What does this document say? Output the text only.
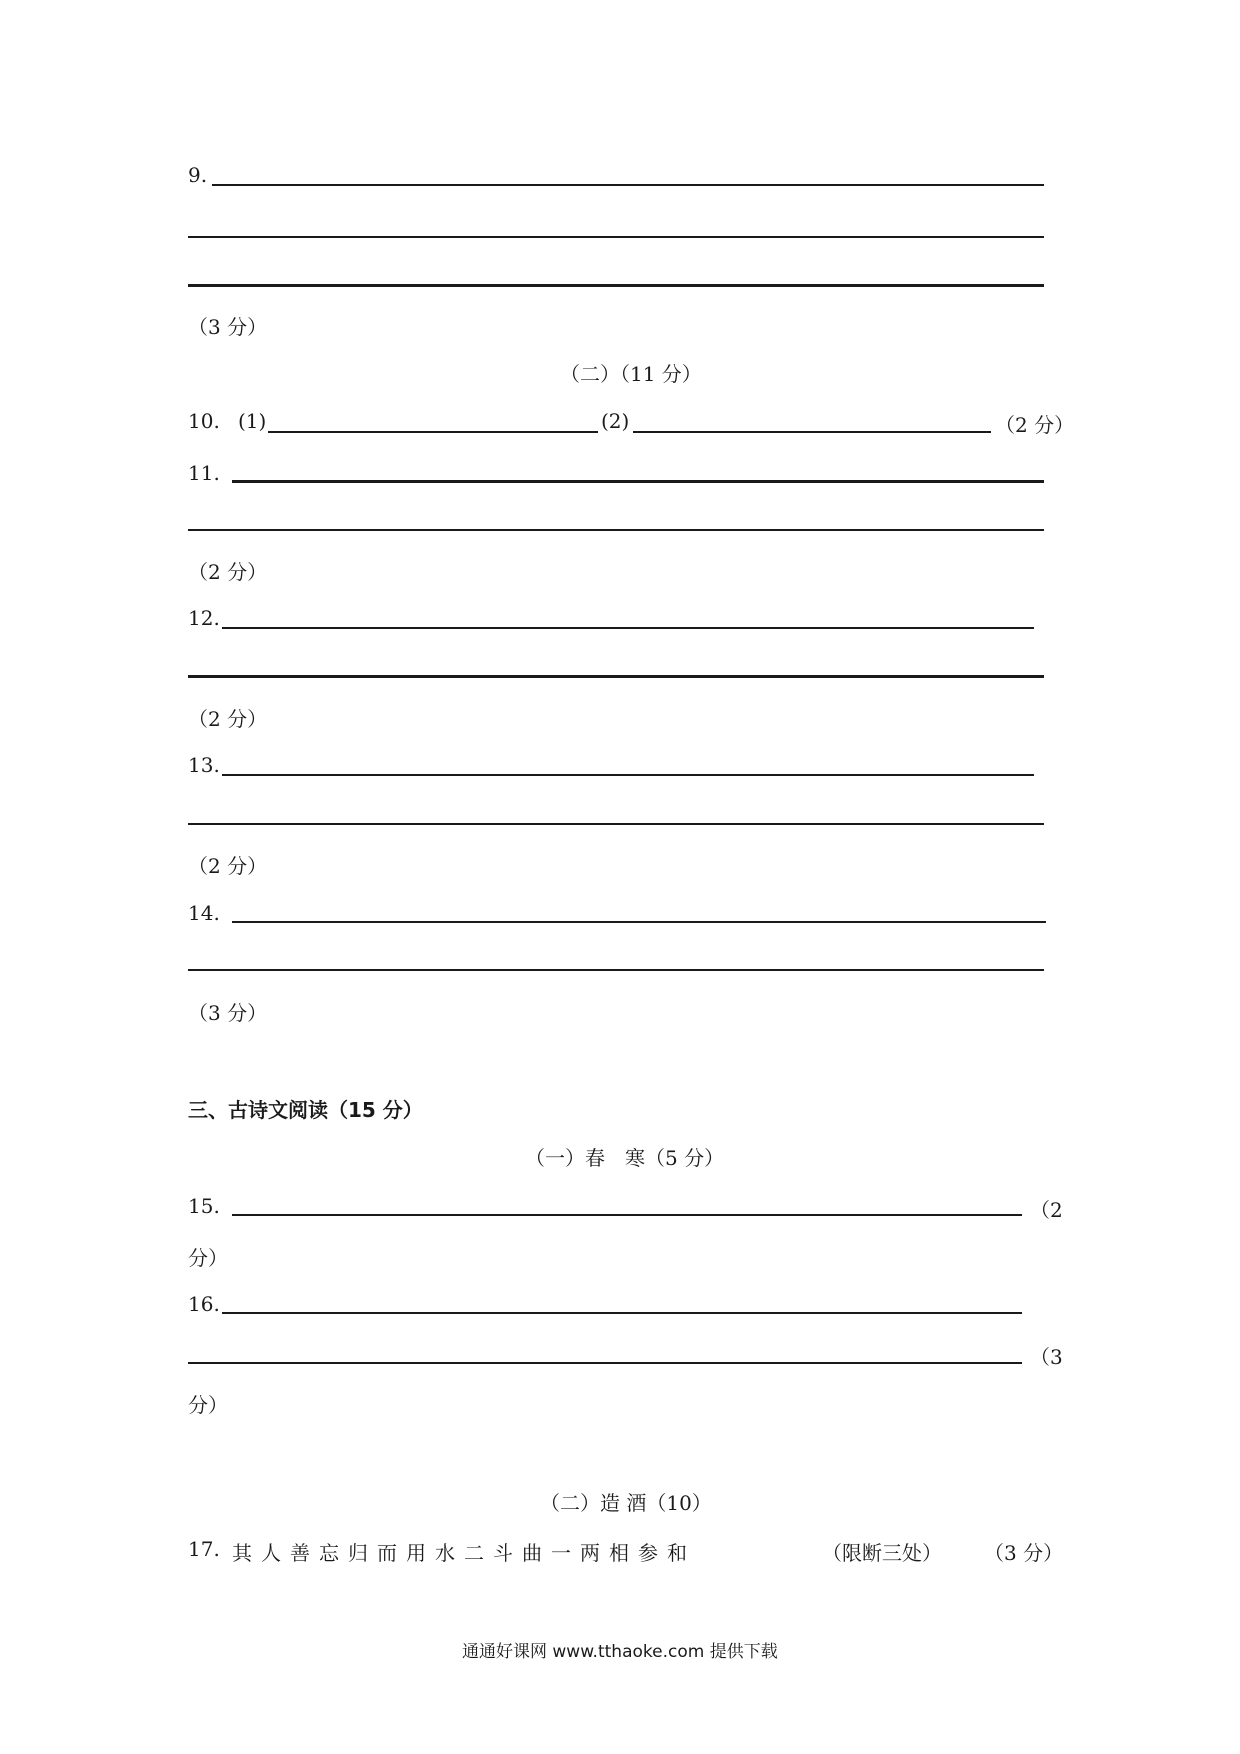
9.
（3 分）
（二）（11 分）
10. (1)	(2)	（2 分）
11.
（2 分）
12.
（2 分）
13.
（2 分）
14.
（3 分）
三、古诗文阅读（15 分）
（一）春　寒（5 分）
15.	（2
分）
16.
（3
分）
（二）造 酒（10）
17. 其人善忘归而用水二斗曲一两相参和	（限断三处） （3 分）
通通好课网 www.tthaoke.com 提供下载
